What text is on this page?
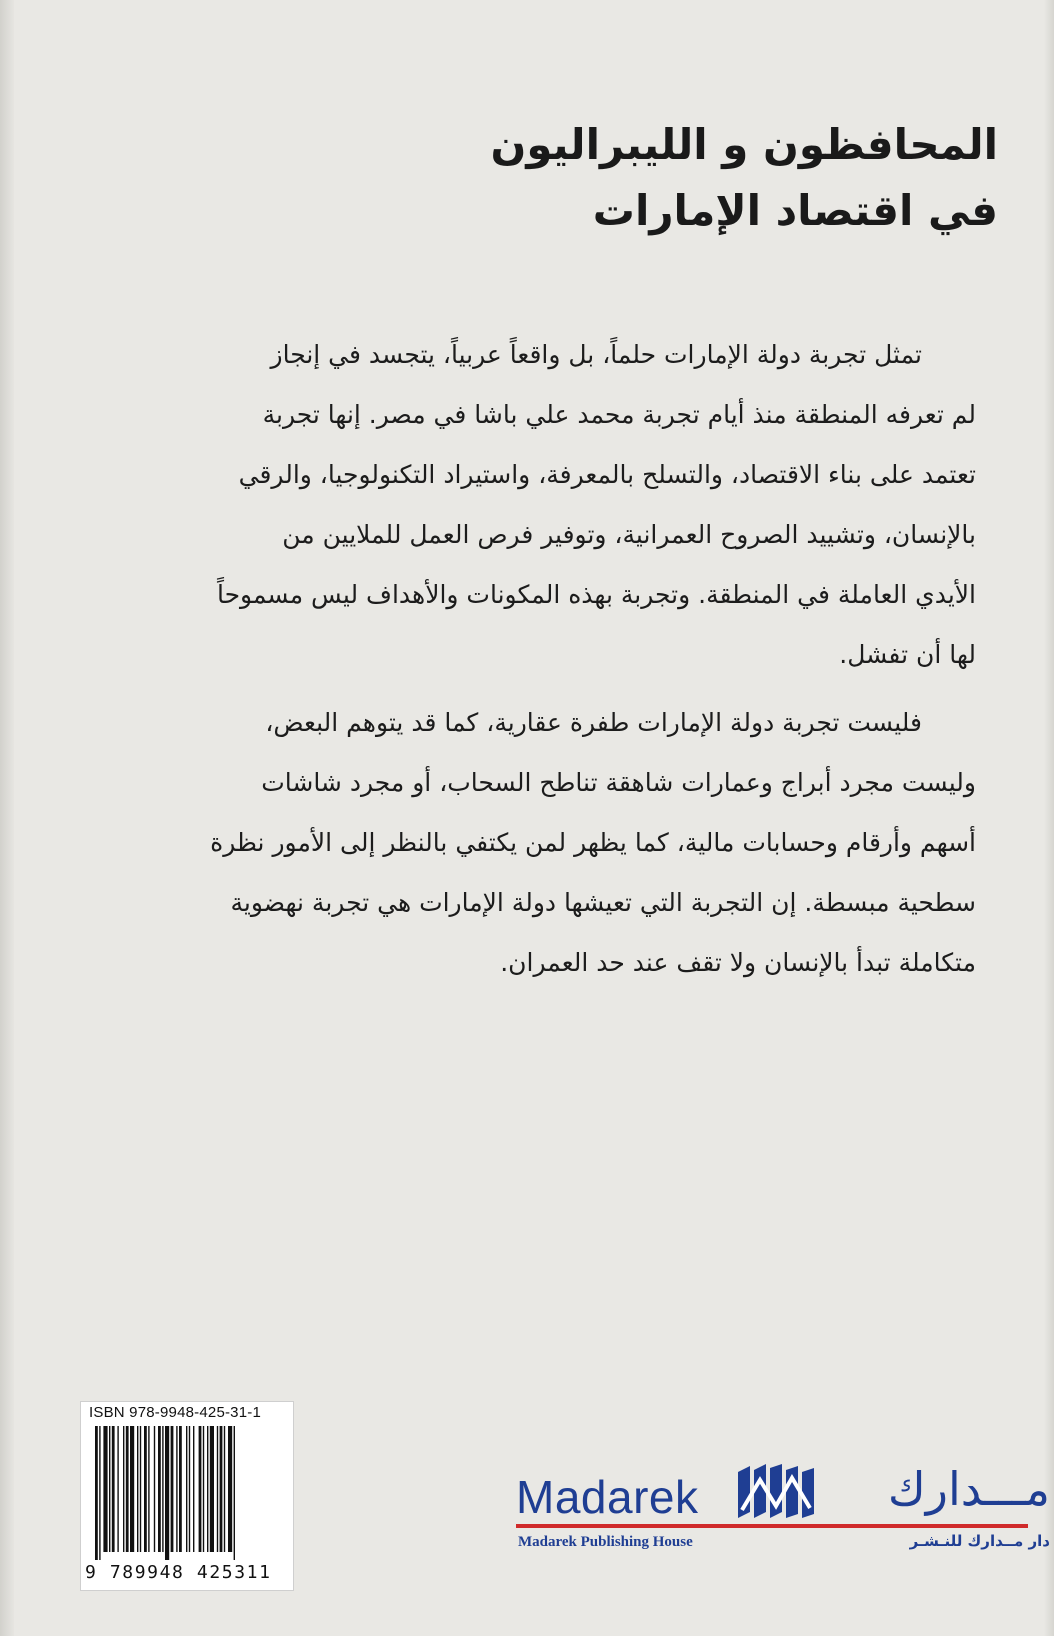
المحافظون و الليبراليون
في اقتصاد الإمارات

تمثل تجربة دولة الإمارات حلماً، بل واقعاً عربياً، يتجسد في إنجاز
لم تعرفه المنطقة منذ أيام تجربة محمد علي باشا في مصر. إنها تجربة
تعتمد على بناء الاقتصاد، والتسلح بالمعرفة، واستيراد التكنولوجيا، والرقي
بالإنسان، وتشييد الصروح العمرانية، وتوفير فرص العمل للملايين من
الأيدي العاملة في المنطقة. وتجربة بهذه المكونات والأهداف ليس مسموحاً
لها أن تفشل.

فليست تجربة دولة الإمارات طفرة عقارية، كما قد يتوهم البعض،
وليست مجرد أبراج وعمارات شاهقة تناطح السحاب، أو مجرد شاشات
أسهم وأرقام وحسابات مالية، كما يظهر لمن يكتفي بالنظر إلى الأمور نظرة
سطحية مبسطة. إن التجربة التي تعيشها دولة الإمارات هي تجربة نهضوية
متكاملة تبدأ بالإنسان ولا تقف عند حد العمران.

ISBN 978-9948-425-31-1
9 789948 425311
Madarek	مـــدارك
Madarek Publishing House	دار مــدارك للنـشـر
